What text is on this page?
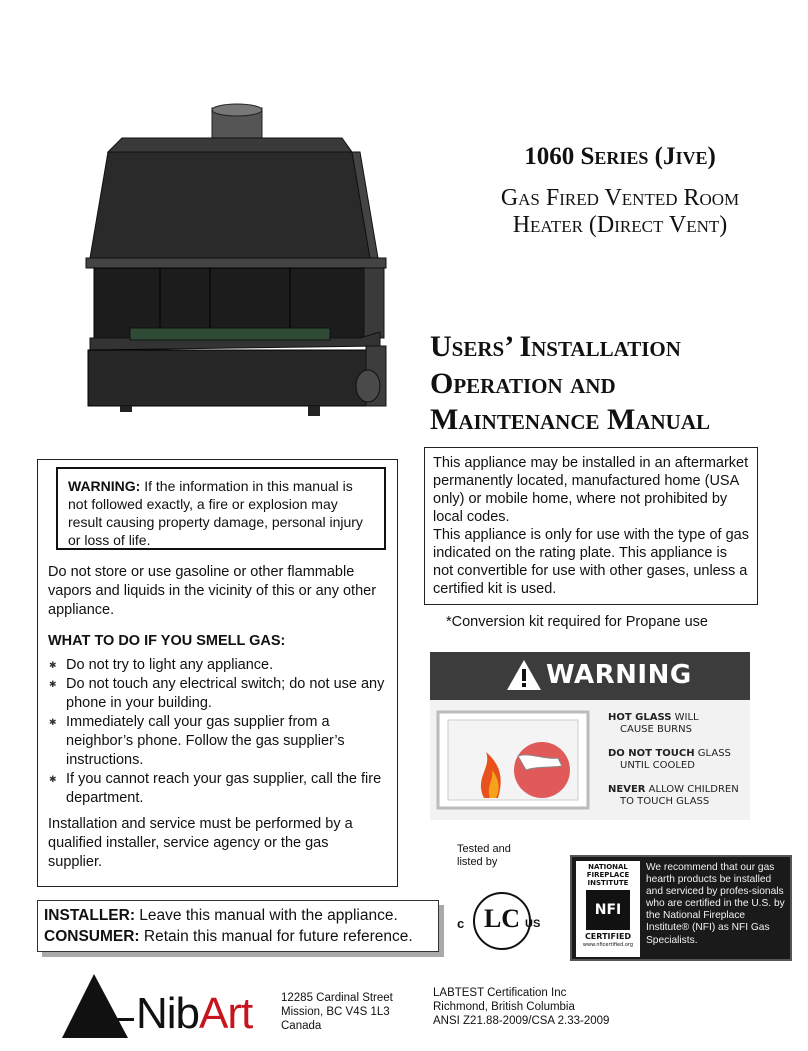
1060 Series (Jive)
Gas Fired Vented Room
Heater (Direct Vent)
Users’ Installation
Operation and
Maintenance Manual
WARNING: If the information in this manual is not followed exactly, a fire or explosion may result causing property damage, personal injury or loss of life.
Do not store or use gasoline or other flammable vapors and liquids in the vicinity of this or any other appliance.
WHAT TO DO IF YOU SMELL GAS:
✱ Do not try to light any appliance.
✱ Do not touch any electrical switch; do not use any phone in your building.
✱ Immediately call your gas supplier from a neighbor’s phone. Follow the gas supplier’s instructions.
✱ If you cannot reach your gas supplier, call the fire department.
Installation and service must be performed by a qualified installer, service agency or the gas supplier.
INSTALLER: Leave this manual with the appliance.
CONSUMER: Retain this manual for future reference.
This appliance may be installed in an aftermarket permanently located, manufactured home (USA only) or mobile home, where not prohibited by local codes.
This appliance is only for use with the type of gas indicated on the rating plate. This appliance is not convertible for use with other gases, unless a certified kit is used.
*Conversion kit required for Propane use
WARNING
HOT GLASS WILL
CAUSE BURNS
DO NOT TOUCH GLASS
UNTIL COOLED
NEVER ALLOW CHILDREN
TO TOUCH GLASS
Tested and
listed by
LC
c	US
NATIONAL
FIREPLACE
INSTITUTE
NFI
CERTIFIED
www.nficertified.org
We recommend that our gas hearth products be installed and serviced by profes-sionals who are certified in the U.S. by the National Fireplace Institute® (NFI) as NFI Gas Specialists.
NibArt 12285 Cardinal Street
Mission, BC V4S 1L3
Canada
LABTEST Certification Inc
Richmond, British Columbia
ANSI Z21.88-2009/CSA 2.33-2009
